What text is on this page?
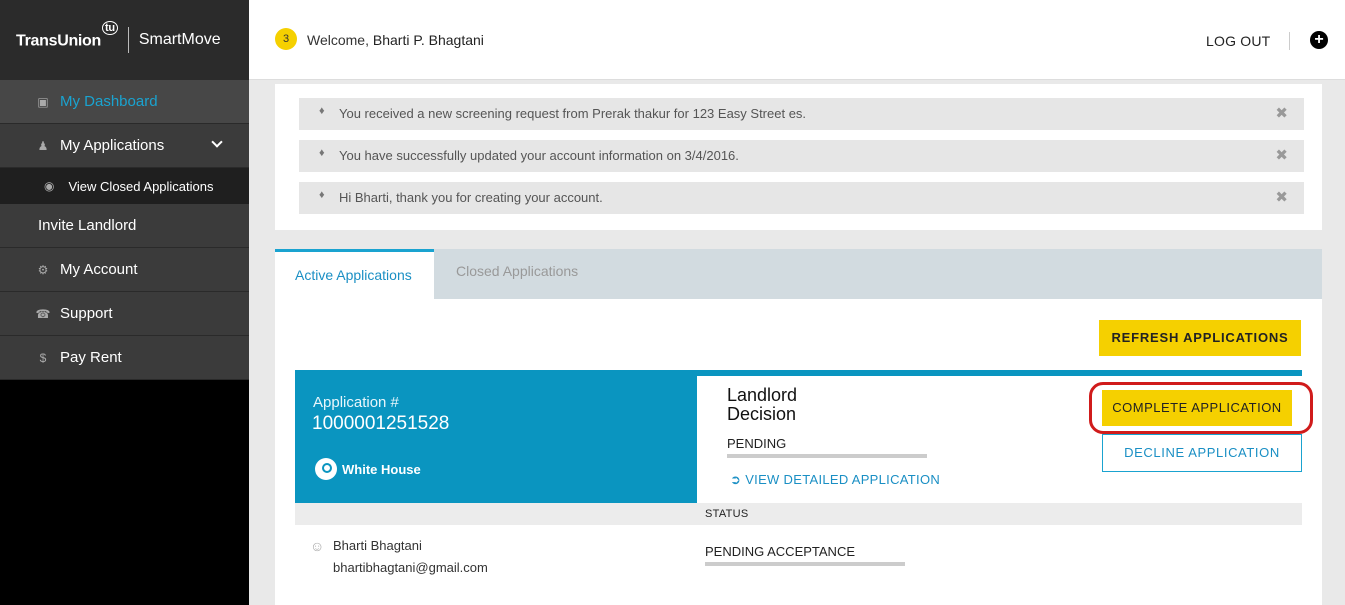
TransUnion$^{tu}$
SmartMove
▣ My Dashboard
♟ My Applications
◉ View Closed Applications
Invite Landlord
⚙ My Account
☎ Support
$ Pay Rent
3	Welcome, Bharti P. Bhagtani	LOG OUT	+
♦ You received a new screening request from Prerak thakur for 123 Easy Street es.	✖
♦ You have successfully updated your account information on 3/4/2016.	✖
♦ Hi Bharti, thank you for creating your account.	✖
Active Applications	Closed Applications
REFRESH APPLICATIONS
Application #
1000001251528
White House
Landlord Decision
PENDING
➲ VIEW DETAILED APPLICATION
COMPLETE APPLICATION
DECLINE APPLICATION
STATUS
☺ Bharti Bhagtani
bhartibhagtani@gmail.com
PENDING ACCEPTANCE
